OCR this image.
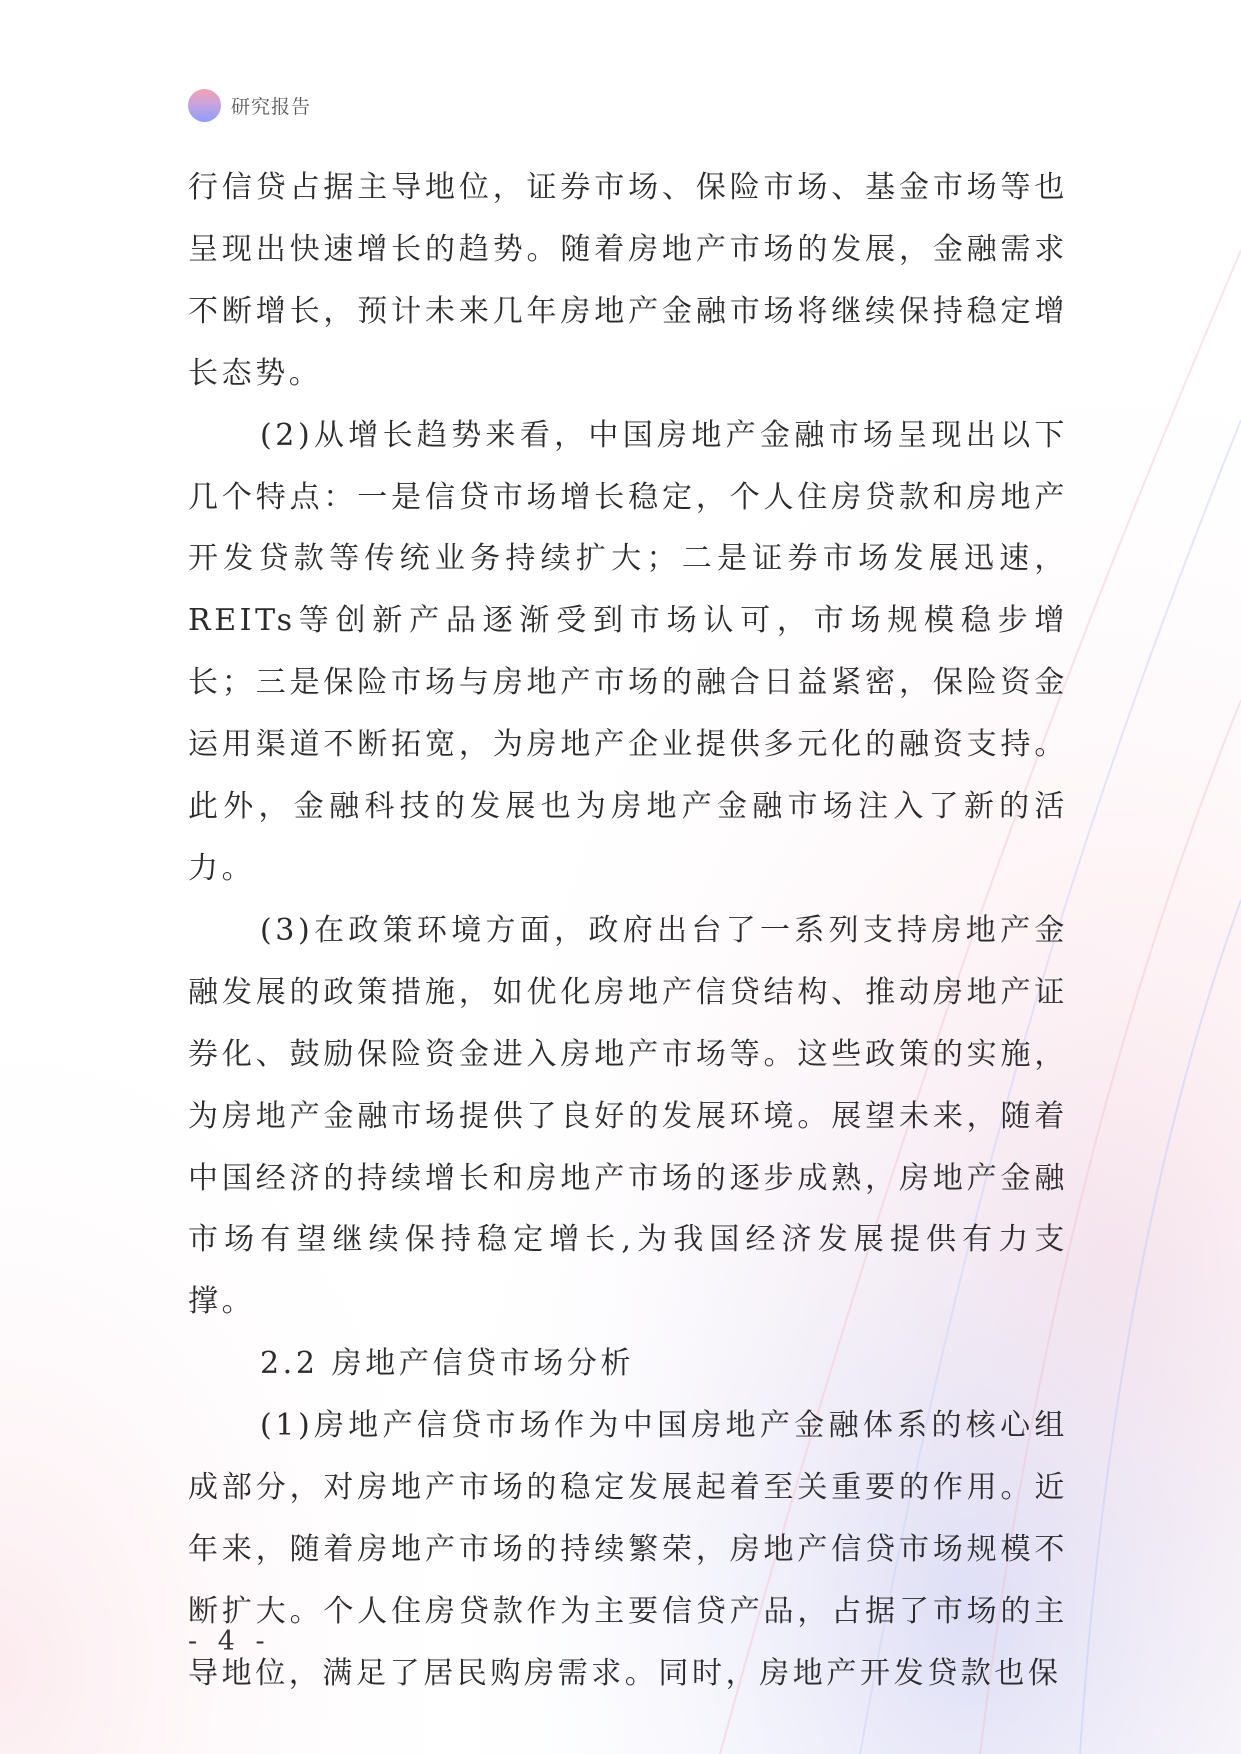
研究报告

行信贷占据主导地位，证券市场、保险市场、基金市场等也呈现出快速增长的趋势。随着房地产市场的发展，金融需求不断增长，预计未来几年房地产金融市场将继续保持稳定增长态势。

(2)从增长趋势来看，中国房地产金融市场呈现出以下几个特点：一是信贷市场增长稳定，个人住房贷款和房地产开发贷款等传统业务持续扩大；二是证券市场发展迅速，REITs等创新产品逐渐受到市场认可，市场规模稳步增长；三是保险市场与房地产市场的融合日益紧密，保险资金运用渠道不断拓宽，为房地产企业提供多元化的融资支持。此外，金融科技的发展也为房地产金融市场注入了新的活力。

(3)在政策环境方面，政府出台了一系列支持房地产金融发展的政策措施，如优化房地产信贷结构、推动房地产证券化、鼓励保险资金进入房地产市场等。这些政策的实施，为房地产金融市场提供了良好的发展环境。展望未来，随着中国经济的持续增长和房地产市场的逐步成熟，房地产金融市场有望继续保持稳定增长,为我国经济发展提供有力支撑。

2.2 房地产信贷市场分析

(1)房地产信贷市场作为中国房地产金融体系的核心组成部分，对房地产市场的稳定发展起着至关重要的作用。近年来，随着房地产市场的持续繁荣，房地产信贷市场规模不断扩大。个人住房贷款作为主要信贷产品，占据了市场的主导地位，满足了居民购房需求。同时，房地产开发贷款也保

- 4 -
